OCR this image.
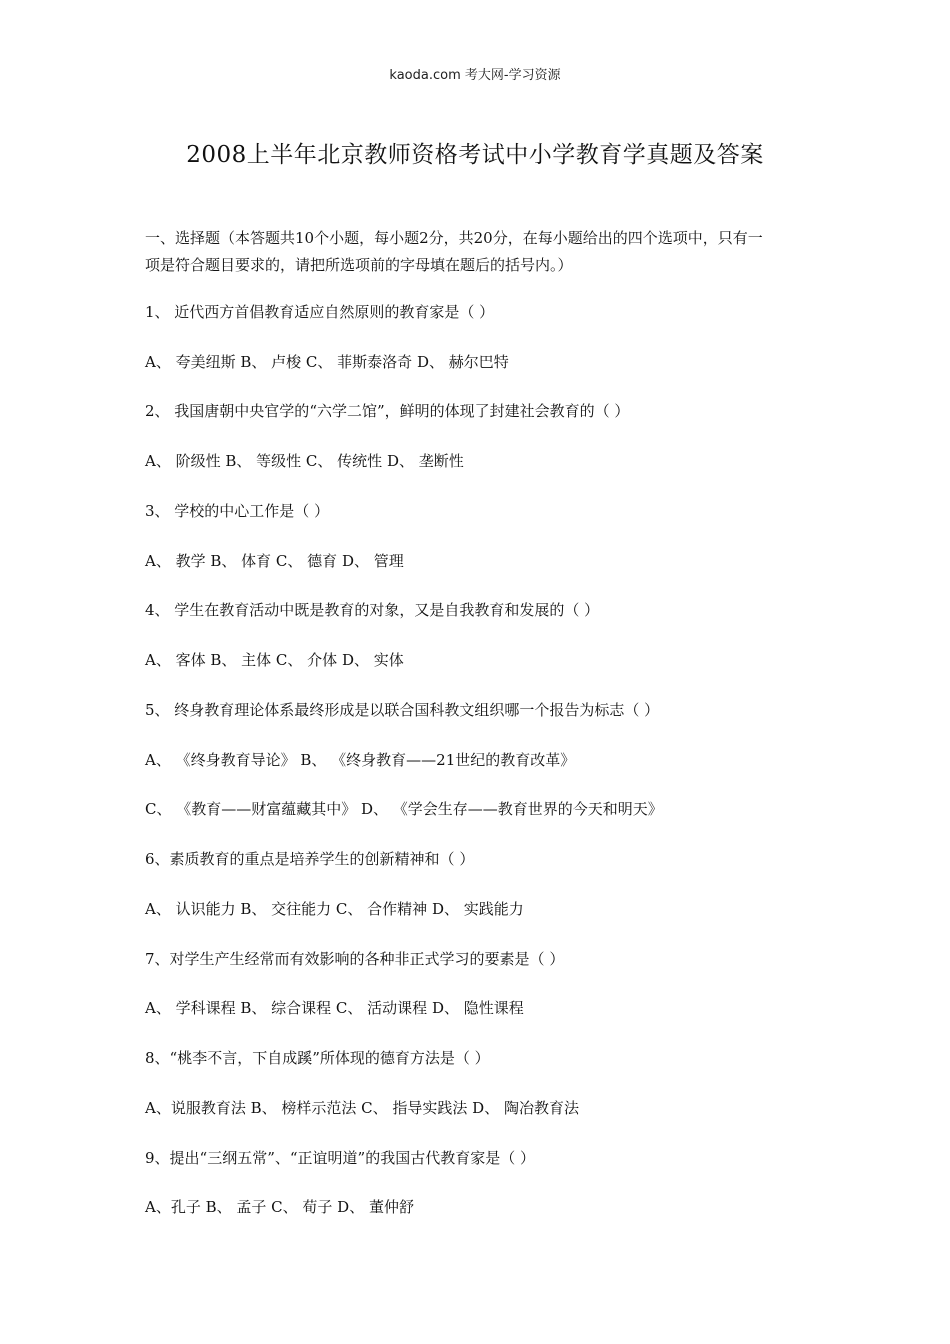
kaoda.com 考大网-学习资源
2008上半年北京教师资格考试中小学教育学真题及答案
一、选择题（本答题共10个小题，每小题2分，共20分，在每小题给出的四个选项中，只有一
项是符合题目要求的，请把所选项前的字母填在题后的括号内。）
1、 近代西方首倡教育适应自然原则的教育家是（ ）
A、 夸美纽斯 B、 卢梭 C、 菲斯泰洛奇 D、 赫尔巴特
2、 我国唐朝中央官学的“六学二馆”，鲜明的体现了封建社会教育的（ ）
A、 阶级性 B、 等级性 C、 传统性 D、 垄断性
3、 学校的中心工作是（ ）
A、 教学 B、 体育 C、 德育 D、 管理
4、 学生在教育活动中既是教育的对象，又是自我教育和发展的（ ）
A、 客体 B、 主体 C、 介体 D、 实体
5、 终身教育理论体系最终形成是以联合国科教文组织哪一个报告为标志（ ）
A、 《终身教育导论》 B、 《终身教育——21世纪的教育改革》
C、 《教育——财富蕴藏其中》 D、 《学会生存——教育世界的今天和明天》
6、素质教育的重点是培养学生的创新精神和（ ）
A、 认识能力 B、 交往能力 C、 合作精神 D、 实践能力
7、对学生产生经常而有效影响的各种非正式学习的要素是（ ）
A、 学科课程 B、 综合课程 C、 活动课程 D、 隐性课程
8、“桃李不言，下自成蹊”所体现的德育方法是（ ）
A、说服教育法 B、 榜样示范法 C、 指导实践法 D、 陶冶教育法
9、提出“三纲五常”、“正谊明道”的我国古代教育家是（ ）
A、孔子 B、 孟子 C、 荀子 D、 董仲舒
